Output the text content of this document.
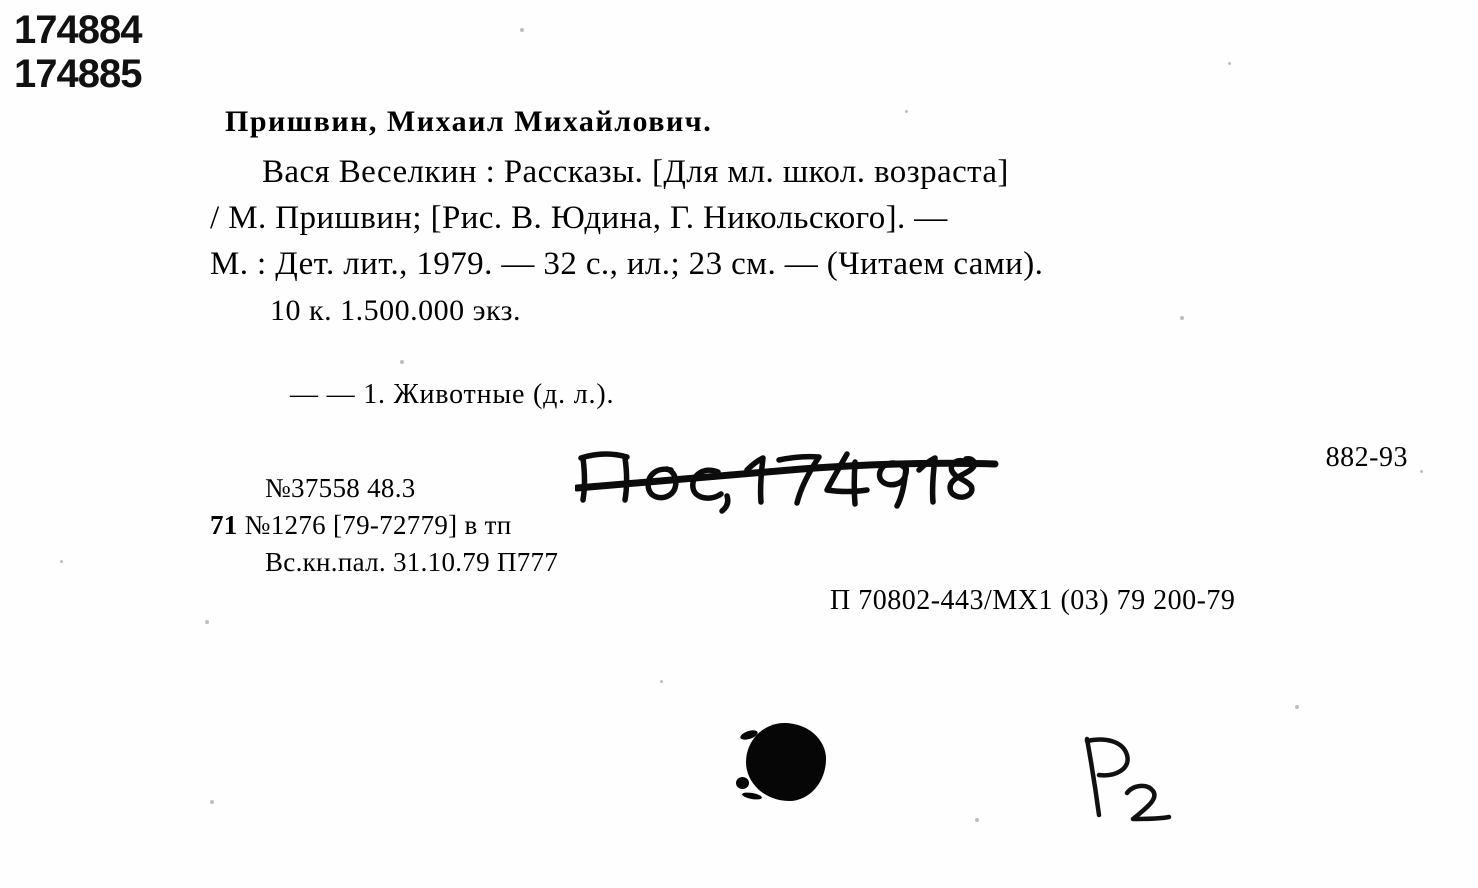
174884
174885
Пришвин, Михаил Михайлович.
Вася Веселкин : Рассказы. [Для мл. школ. возраста]
/ М. Пришвин; [Рис. В. Юдина, Г. Никольского]. —
М. : Дет. лит., 1979. — 32 с., ил.; 23 см. — (Читаем сами).
10 к. 1.500.000 экз.
— — 1. Животные (д. л.).
882-93
№37558 48.3
71 №1276 [79-72779] в тп
Вс.кн.пал. 31.10.79 П777
П 70802-443/МХ1 (03) 79 200-79
